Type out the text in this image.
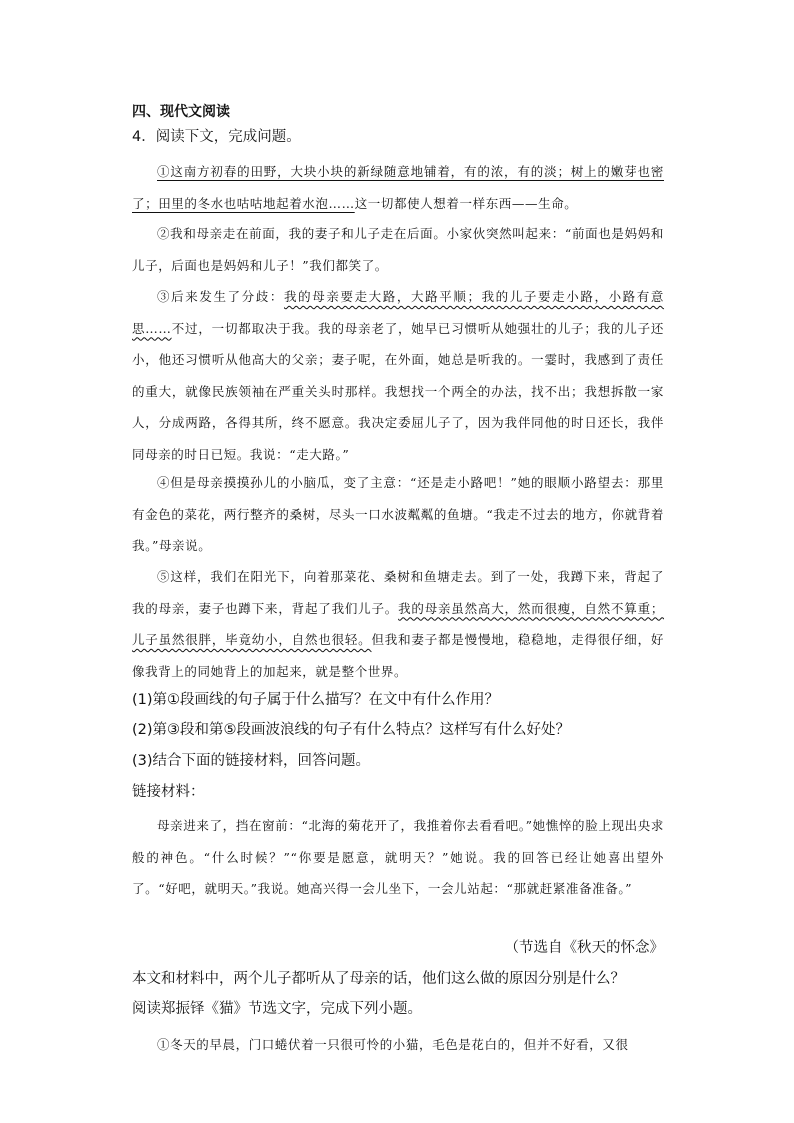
四、现代文阅读
4．阅读下文，完成问题。
①这南方初春的田野，大块小块的新绿随意地铺着，有的浓，有的淡；树上的嫩芽也密了；田里的冬水也咕咕地起着水泡……这一切都使人想着一样东西——生命。
②我和母亲走在前面，我的妻子和儿子走在后面。小家伙突然叫起来：“前面也是妈妈和儿子，后面也是妈妈和儿子！”我们都笑了。
③后来发生了分歧：我的母亲要走大路，大路平顺；我的儿子要走小路，小路有意思……不过，一切都取决于我。我的母亲老了，她早已习惯听从她强壮的儿子；我的儿子还小，他还习惯听从他高大的父亲；妻子呢，在外面，她总是听我的。一霎时，我感到了责任的重大，就像民族领袖在严重关头时那样。我想找一个两全的办法，找不出；我想拆散一家人，分成两路，各得其所，终不愿意。我决定委屈儿子了，因为我伴同他的时日还长，我伴同母亲的时日已短。我说：“走大路。”
④但是母亲摸摸孙儿的小脑瓜，变了主意：“还是走小路吧！”她的眼顺小路望去：那里有金色的菜花，两行整齐的桑树，尽头一口水波粼粼的鱼塘。“我走不过去的地方，你就背着我。”母亲说。
⑤这样，我们在阳光下，向着那菜花、桑树和鱼塘走去。到了一处，我蹲下来，背起了我的母亲，妻子也蹲下来，背起了我们儿子。我的母亲虽然高大，然而很瘦，自然不算重；儿子虽然很胖，毕竟幼小，自然也很轻。但我和妻子都是慢慢地，稳稳地，走得很仔细，好像我背上的同她背上的加起来，就是整个世界。
(1)第①段画线的句子属于什么描写？在文中有什么作用？
(2)第③段和第⑤段画波浪线的句子有什么特点？这样写有什么好处？
(3)结合下面的链接材料，回答问题。
链接材料：
母亲进来了，挡在窗前：“北海的菊花开了，我推着你去看看吧。”她憔悴的脸上现出央求般的神色。“什么时候？”“你要是愿意，就明天？”她说。我的回答已经让她喜出望外了。“好吧，就明天。”我说。她高兴得一会儿坐下，一会儿站起：“那就赶紧准备准备。”
（节选自《秋天的怀念》
本文和材料中，两个儿子都听从了母亲的话，他们这么做的原因分别是什么？
阅读郑振铎《猫》节选文字，完成下列小题。
①冬天的早晨，门口蜷伏着一只很可怜的小猫，毛色是花白的，但并不好看，又很
